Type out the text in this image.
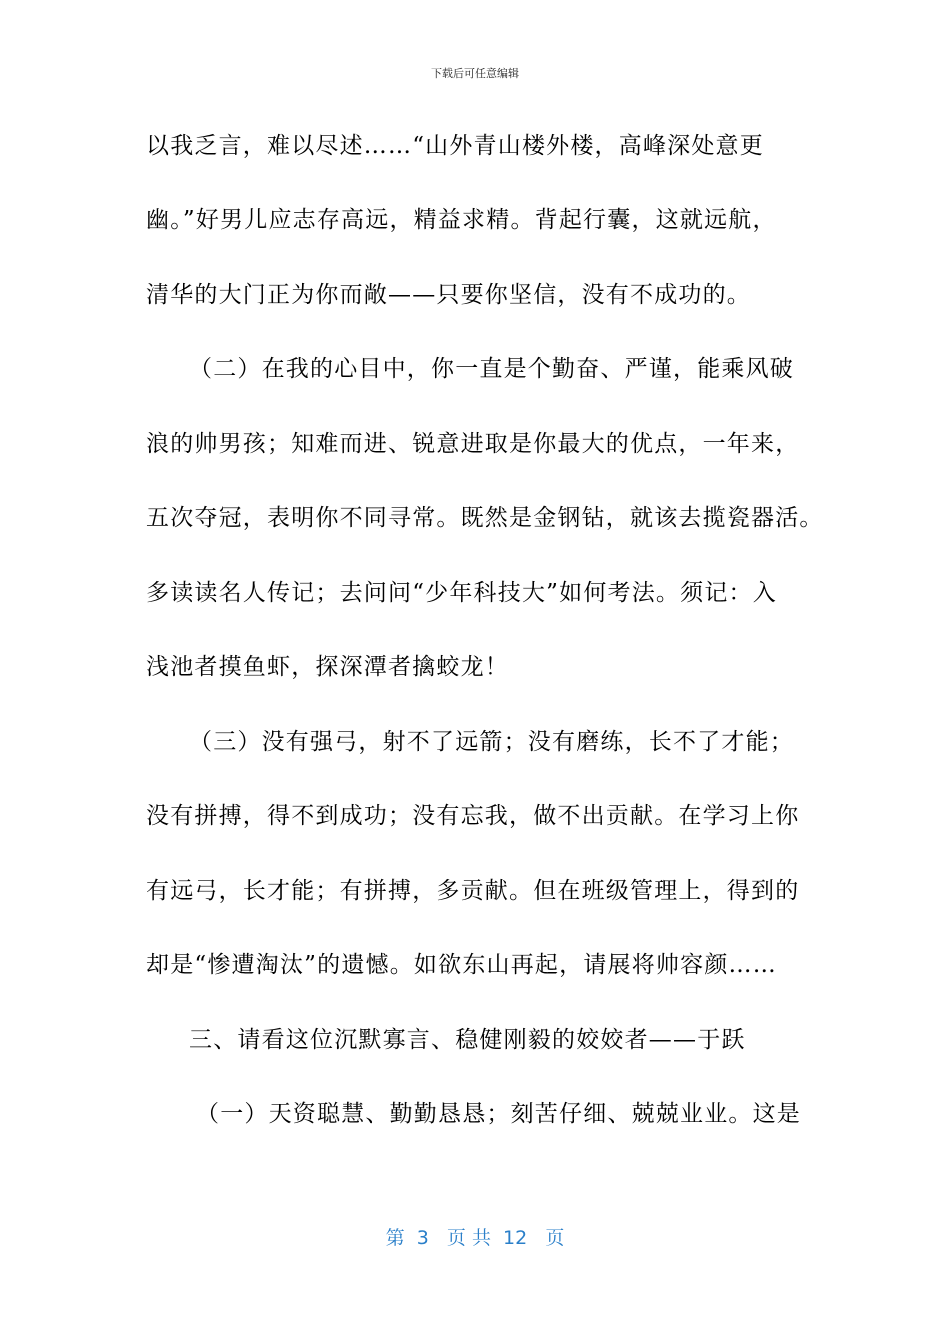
下载后可任意编辑
以我乏言，难以尽述……“山外青山楼外楼，高峰深处意更
幽。”好男儿应志存高远，精益求精。背起行囊，这就远航，
清华的大门正为你而敞——只要你坚信，没有不成功的。
（二）在我的心目中，你一直是个勤奋、严谨，能乘风破
浪的帅男孩；知难而进、锐意进取是你最大的优点，一年来，
五次夺冠，表明你不同寻常。既然是金钢钻，就该去揽瓷器活。
多读读名人传记；去问问“少年科技大”如何考法。须记：入
浅池者摸鱼虾，探深潭者擒蛟龙！
（三）没有强弓，射不了远箭；没有磨练，长不了才能；
没有拼搏，得不到成功；没有忘我，做不出贡献。在学习上你
有远弓，长才能；有拼搏，多贡献。但在班级管理上，得到的
却是“惨遭淘汰”的遗憾。如欲东山再起，请展将帅容颜……
三、请看这位沉默寡言、稳健刚毅的姣姣者——于跃
（一）天资聪慧、勤勤恳恳；刻苦仔细、兢兢业业。这是
第  3   页 共  12   页
